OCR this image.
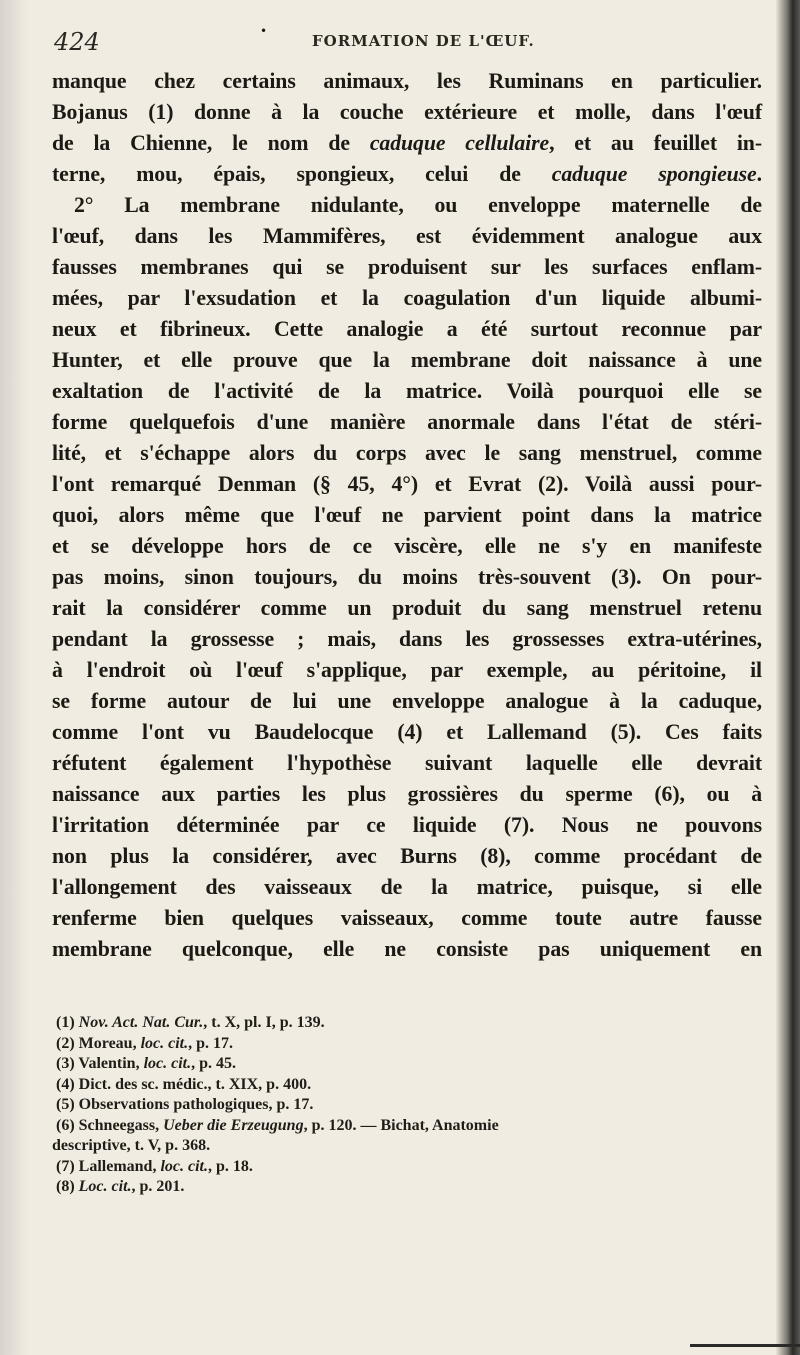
424	•
FORMATION DE L'ŒUF.
manque chez certains animaux, les Ruminans en particulier.
Bojanus (1) donne à la couche extérieure et molle, dans l'œuf
de la Chienne, le nom de caduque cellulaire, et au feuillet in-
terne, mou, épais, spongieux, celui de caduque spongieuse.
2° La membrane nidulante, ou enveloppe maternelle de
l'œuf, dans les Mammifères, est évidemment analogue aux
fausses membranes qui se produisent sur les surfaces enflam-
mées, par l'exsudation et la coagulation d'un liquide albumi-
neux et fibrineux. Cette analogie a été surtout reconnue par
Hunter, et elle prouve que la membrane doit naissance à une
exaltation de l'activité de la matrice. Voilà pourquoi elle se
forme quelquefois d'une manière anormale dans l'état de stéri-
lité, et s'échappe alors du corps avec le sang menstruel, comme
l'ont remarqué Denman (§ 45, 4°) et Evrat (2). Voilà aussi pour-
quoi, alors même que l'œuf ne parvient point dans la matrice
et se développe hors de ce viscère, elle ne s'y en manifeste
pas moins, sinon toujours, du moins très-souvent (3). On pour-
rait la considérer comme un produit du sang menstruel retenu
pendant la grossesse ; mais, dans les grossesses extra-utérines,
à l'endroit où l'œuf s'applique, par exemple, au péritoine, il
se forme autour de lui une enveloppe analogue à la caduque,
comme l'ont vu Baudelocque (4) et Lallemand (5). Ces faits
réfutent également l'hypothèse suivant laquelle elle devrait
naissance aux parties les plus grossières du sperme (6), ou à
l'irritation déterminée par ce liquide (7). Nous ne pouvons
non plus la considérer, avec Burns (8), comme procédant de
l'allongement des vaisseaux de la matrice, puisque, si elle
renferme bien quelques vaisseaux, comme toute autre fausse
membrane quelconque, elle ne consiste pas uniquement en
(1) Nov. Act. Nat. Cur., t. X, pl. I, p. 139.
(2) Moreau, loc. cit., p. 17.
(3) Valentin, loc. cit., p. 45.
(4) Dict. des sc. médic., t. XIX, p. 400.
(5) Observations pathologiques, p. 17.
(6) Schneegass, Ueber die Erzeugung, p. 120. — Bichat, Anatomie
descriptive, t. V, p. 368.
(7) Lallemand, loc. cit., p. 18.
(8) Loc. cit., p. 201.
